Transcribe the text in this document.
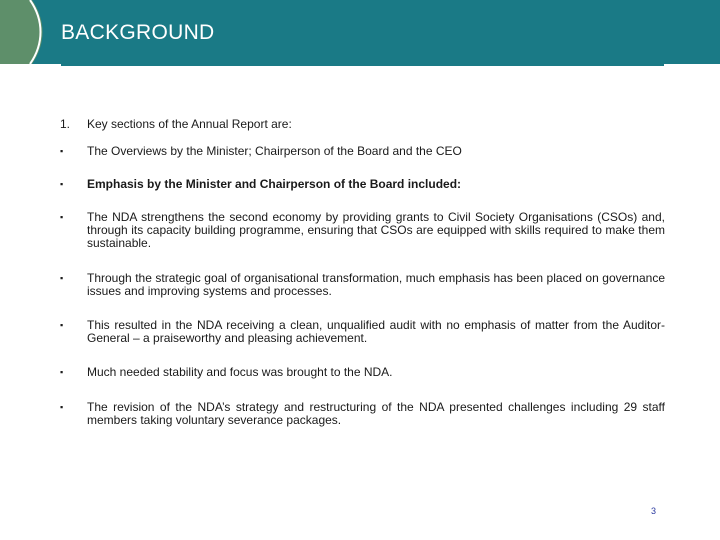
BACKGROUND
1.	Key sections of the Annual Report are:
▪	The Overviews by the Minister; Chairperson of the Board and the CEO
▪	Emphasis by the Minister and Chairperson of the Board included:
▪	The NDA strengthens the second economy by providing grants to Civil Society Organisations (CSOs) and, through its capacity building programme, ensuring that CSOs are equipped with skills required to make them sustainable.
▪	Through the strategic goal of organisational transformation, much emphasis has been placed on governance issues and improving systems and processes.
▪	This resulted in the NDA receiving a clean, unqualified audit with no emphasis of matter from the Auditor-General – a praiseworthy and pleasing achievement.
▪	Much needed stability and focus was brought to the NDA.
▪	The revision of the NDA’s strategy and restructuring of the NDA presented challenges including 29 staff members taking voluntary severance packages.
3
